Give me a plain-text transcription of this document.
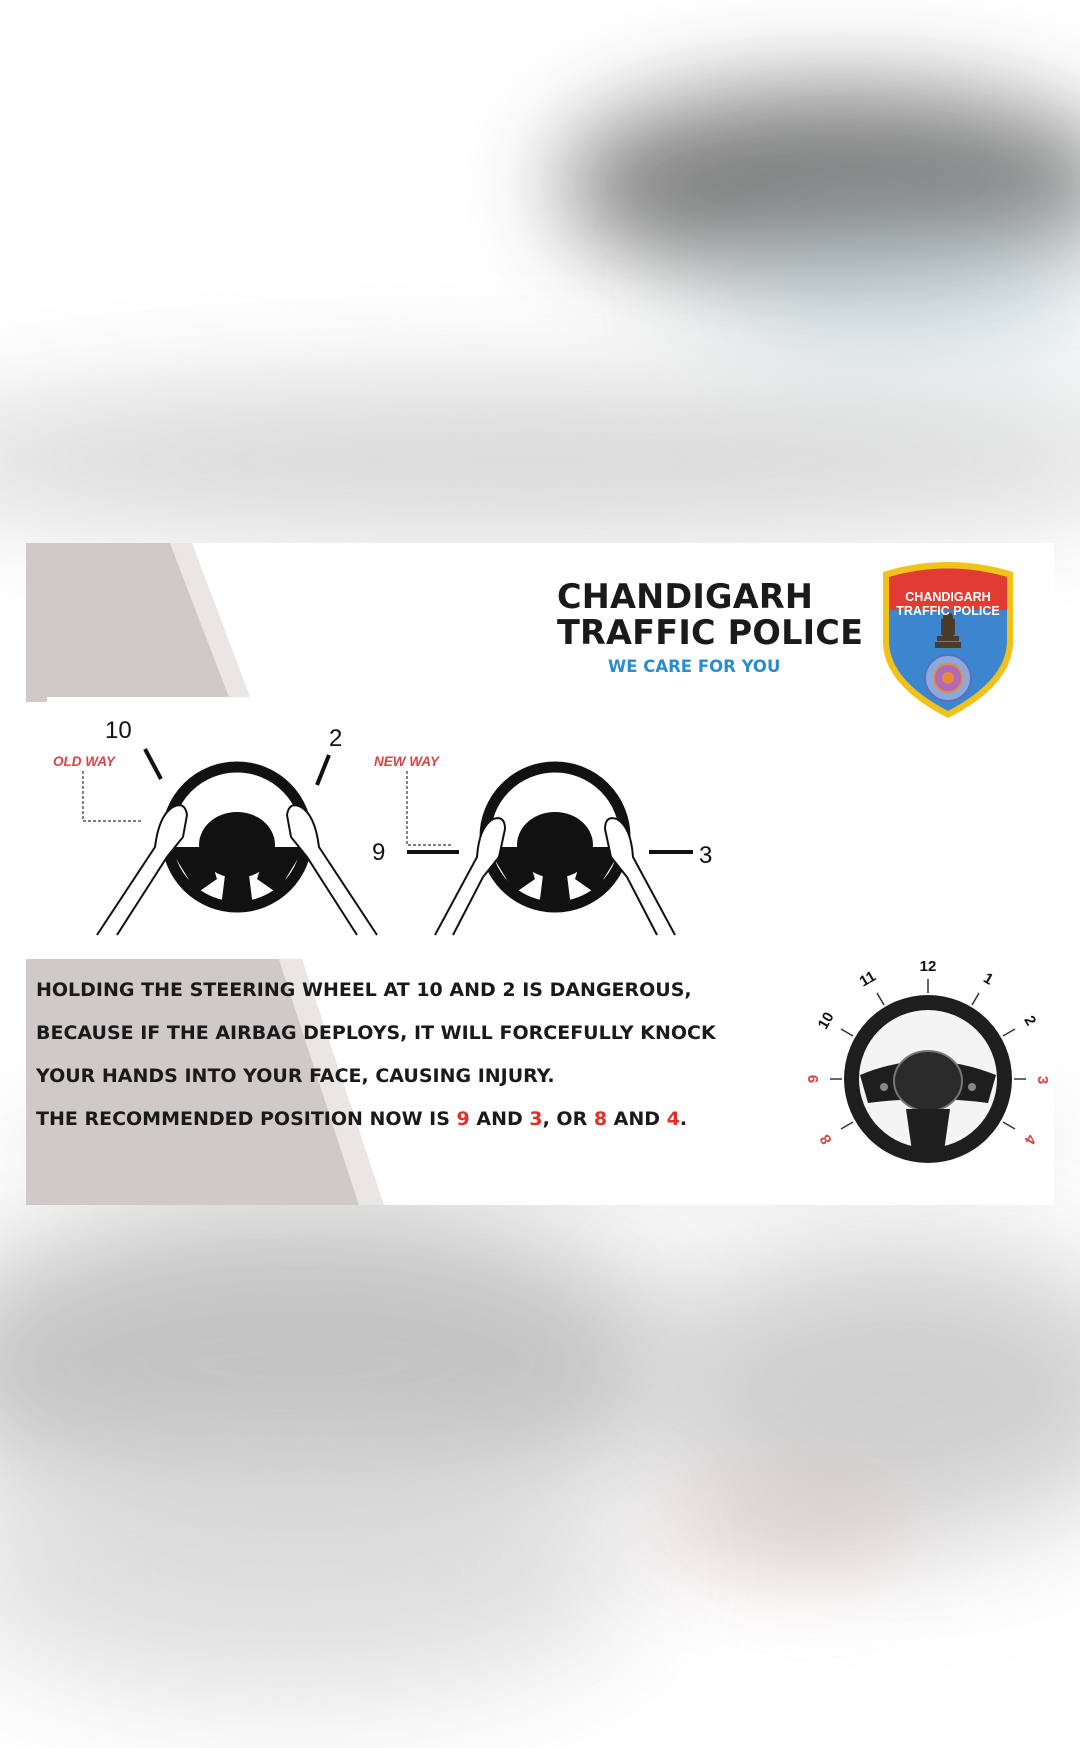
CHANDIGARH
TRAFFIC POLICE
WE CARE FOR YOU
CHANDIGARH
TRAFFIC POLICE
10	2
OLD WAY	NEW WAY
9	3
HOLDING THE STEERING WHEEL AT 10 AND 2 IS DANGEROUS,
BECAUSE IF THE AIRBAG DEPLOYS, IT WILL FORCEFULLY KNOCK
YOUR HANDS INTO YOUR FACE, CAUSING INJURY.
THE RECOMMENDED POSITION NOW IS 9 AND 3, OR 8 AND 4.
12
1
2
3
4
8
9
10
11
